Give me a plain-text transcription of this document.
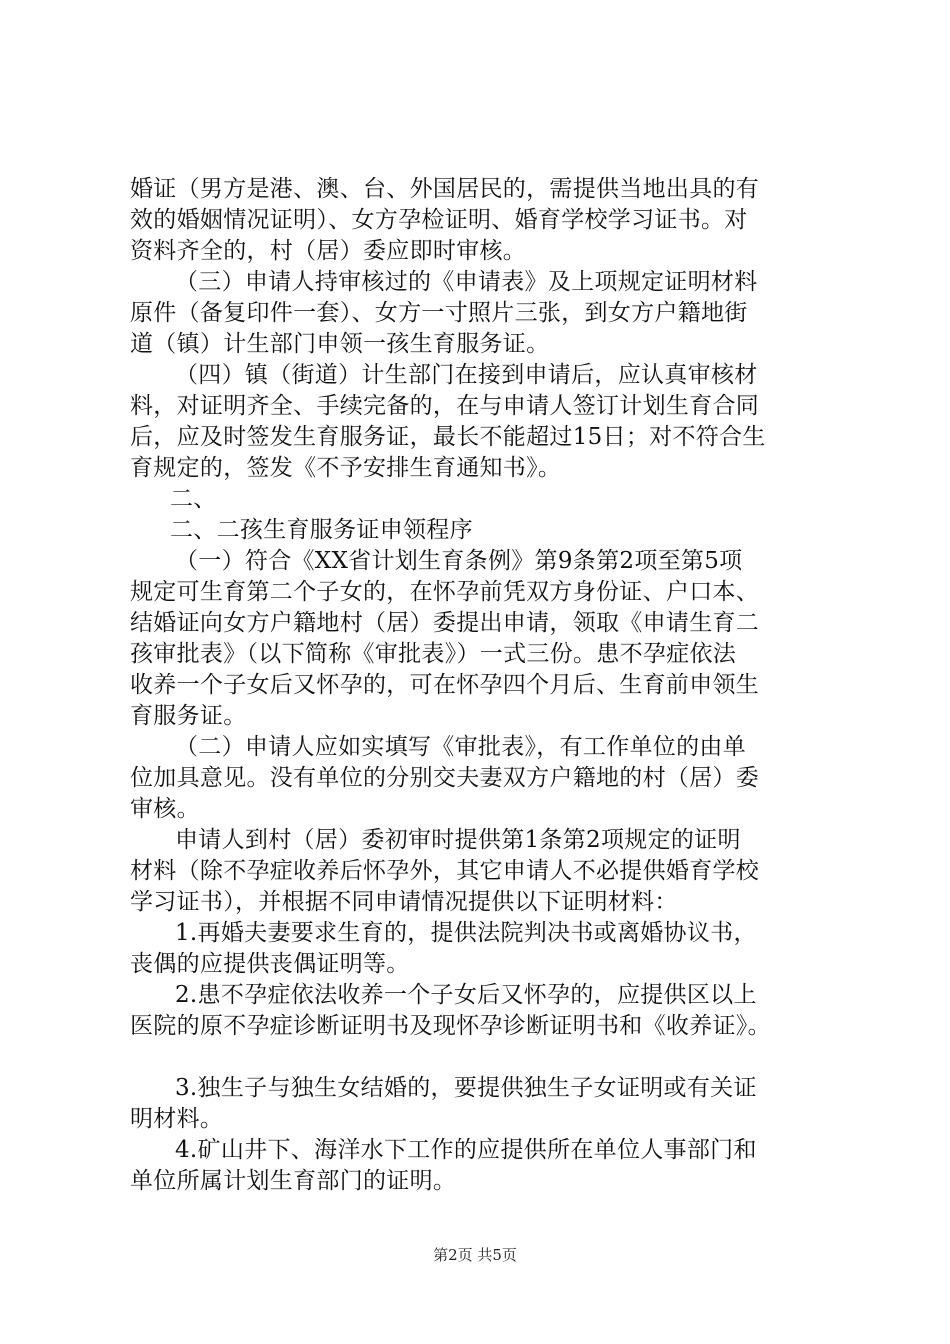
婚证（男方是港、澳、台、外国居民的，需提供当地出具的有
效的婚姻情况证明）、女方孕检证明、婚育学校学习证书。对
资料齐全的，村（居）委应即时审核。
（三）申请人持审核过的《申请表》及上项规定证明材料
原件（备复印件一套）、女方一寸照片三张，到女方户籍地街
道（镇）计生部门申领一孩生育服务证。
（四）镇（街道）计生部门在接到申请后，应认真审核材
料，对证明齐全、手续完备的，在与申请人签订计划生育合同
后，应及时签发生育服务证，最长不能超过15日；对不符合生
育规定的，签发《不予安排生育通知书》。
二、
二、二孩生育服务证申领程序
（一）符合《XX省计划生育条例》第9条第2项至第5项
规定可生育第二个子女的，在怀孕前凭双方身份证、户口本、
结婚证向女方户籍地村（居）委提出申请，领取《申请生育二
孩审批表》（以下简称《审批表》）一式三份。患不孕症依法
收养一个子女后又怀孕的，可在怀孕四个月后、生育前申领生
育服务证。
（二）申请人应如实填写《审批表》，有工作单位的由单
位加具意见。没有单位的分别交夫妻双方户籍地的村（居）委
审核。
申请人到村（居）委初审时提供第1条第2项规定的证明
材料（除不孕症收养后怀孕外，其它申请人不必提供婚育学校
学习证书），并根据不同申请情况提供以下证明材料：
1.再婚夫妻要求生育的，提供法院判决书或离婚协议书，
丧偶的应提供丧偶证明等。
2.患不孕症依法收养一个子女后又怀孕的，应提供区以上
医院的原不孕症诊断证明书及现怀孕诊断证明书和《收养证》。
3.独生子与独生女结婚的，要提供独生子女证明或有关证
明材料。
4.矿山井下、海洋水下工作的应提供所在单位人事部门和
单位所属计划生育部门的证明。
第2页 共5页
